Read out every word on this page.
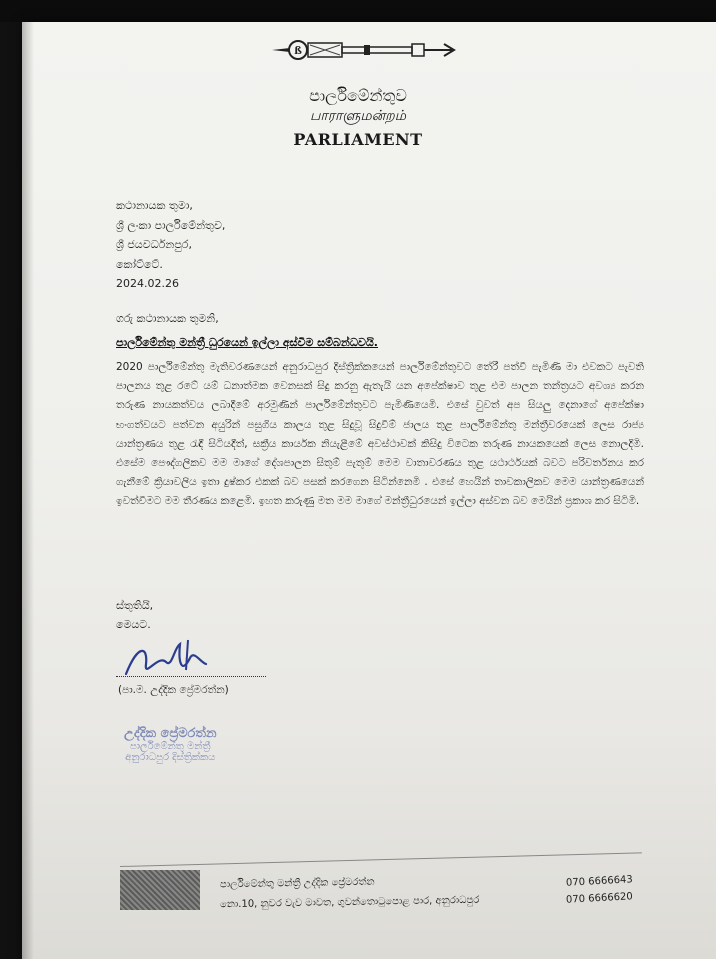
ß
පාර්ලිමේන්තුව
பாராளுமன்றம்
PARLIAMENT
කථානායක තුමා,
ශ්‍රී ලංකා පාර්ලිමේන්තුව,
ශ්‍රී ජයවර්ධනපුර,
කෝට්ටේ.
2024.02.26
ගරු කථානායක තුමනි,
පාර්ලිමේන්තු මන්ත්‍රී ධුරයෙන් ඉල්ලා අස්වීම සම්බන්ධවයි.
2020 පාර්ලිමේන්තු මැතිවරණයෙන් අනුරාධපුර දිස්ත්‍රික්කයෙන් පාර්ලිමේන්තුවට තේරී පත්වී පැමිණි මා එවකට පැවති පාලනය තුළ රටේ යම් ධනාත්මක වෙනසක් සිදු කරනු ඇතැයි යන අපේක්ෂාව තුළ එම පාලන තන්ත්‍රයට අවශ්‍ය කරන තරුණ නායකත්වය ලබාදීමේ අරමුණින් පාර්ලිමේන්තුවට පැමිණියෙමි. එසේ වුවත් අප සියලු දෙනාගේ අපේක්ෂා භංගත්වයට පත්වන අයුරින් පසුගිය කාලය තුළ සිදුවූ සිදුවීම් ජාලය තුළ පාර්ලිමේන්තු මන්ත්‍රීවරයෙක් ලෙස රාජ්‍ය යාන්ත්‍රණය තුළ රැඳී සිටියදීත්, සක්‍රීය කාර්යක නියැළීමේ අවස්ථාවක් කිසිදු විටෙක තරුණ නායකයෙක් ලෙස නොලදිමි. එසේම පෞද්ගලිකව මම මාගේ දේශපාලන සිතුම් පැතුම් මෙම වාතාවරණය තුළ යථාර්ථයක් බවට පරිවර්තනය කර ගැනීමේ ක්‍රියාවලිය ඉතා දුෂ්කර එකක් බව පසක් කරගෙන සිටින්නෙමි . එසේ හෙයින් තාවකාලිකව මෙම යාන්ත්‍රණයෙන් ඉවත්වීමට මම තීරණය කළෙමි. ඉහත කරුණු මත මම මාගේ මන්ත්‍රීධුරයෙන් ඉල්ලා අස්වන බව මෙයින් ප්‍රකාශ කර සිටිමි.
ස්තුතියි,
මෙයට.
(පා.ම. උද්දික ප්‍රේමරත්න)
උද්දික ප්‍රේමරත්න
පාර්ලිමේන්තු මන්ත්‍රී
අනුරාධපුර දිස්ත්‍රික්කය
පාර්ලිමේන්තු මන්ත්‍රී උද්දික ප්‍රේමරත්න
නො.10, නුවර වැව මාවත, ගුවන්තොටුපොළ පාර, අනුරාධපුර
070 6666643
070 6666620
